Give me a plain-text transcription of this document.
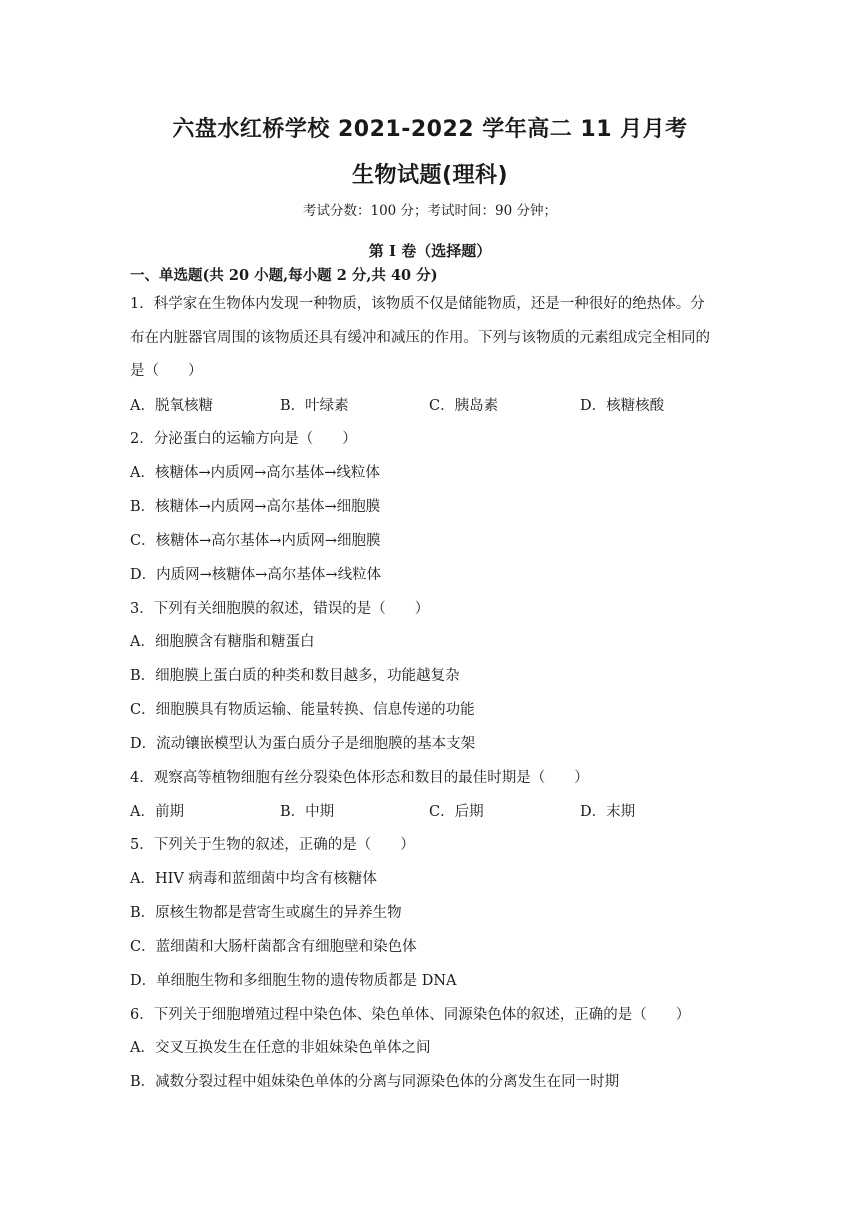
六盘水红桥学校 2021-2022 学年高二 11 月月考
生物试题(理科)
考试分数：100 分；考试时间：90 分钟；
第 I 卷（选择题）
一、单选题(共 20 小题,每小题 2 分,共 40 分)
1．科学家在生物体内发现一种物质，该物质不仅是储能物质，还是一种很好的绝热体。分
布在内脏器官周围的该物质还具有缓冲和减压的作用。下列与该物质的元素组成完全相同的
是（　　）
A．脱氧核糖	B．叶绿素	C．胰岛素	D．核糖核酸
2．分泌蛋白的运输方向是（　　）
A．核糖体→内质网→高尔基体→线粒体
B．核糖体→内质网→高尔基体→细胞膜
C．核糖体→高尔基体→内质网→细胞膜
D．内质网→核糖体→高尔基体→线粒体
3．下列有关细胞膜的叙述，错误的是（　　）
A．细胞膜含有糖脂和糖蛋白
B．细胞膜上蛋白质的种类和数目越多，功能越复杂
C．细胞膜具有物质运输、能量转换、信息传递的功能
D．流动镶嵌模型认为蛋白质分子是细胞膜的基本支架
4．观察高等植物细胞有丝分裂染色体形态和数目的最佳时期是（　　）
A．前期	B．中期	C．后期	D．末期
5．下列关于生物的叙述，正确的是（　　）
A．HIV 病毒和蓝细菌中均含有核糖体
B．原核生物都是营寄生或腐生的异养生物
C．蓝细菌和大肠杆菌都含有细胞壁和染色体
D．单细胞生物和多细胞生物的遗传物质都是 DNA
6．下列关于细胞增殖过程中染色体、染色单体、同源染色体的叙述，正确的是（　　）
A．交叉互换发生在任意的非姐妹染色单体之间
B．减数分裂过程中姐妹染色单体的分离与同源染色体的分离发生在同一时期
